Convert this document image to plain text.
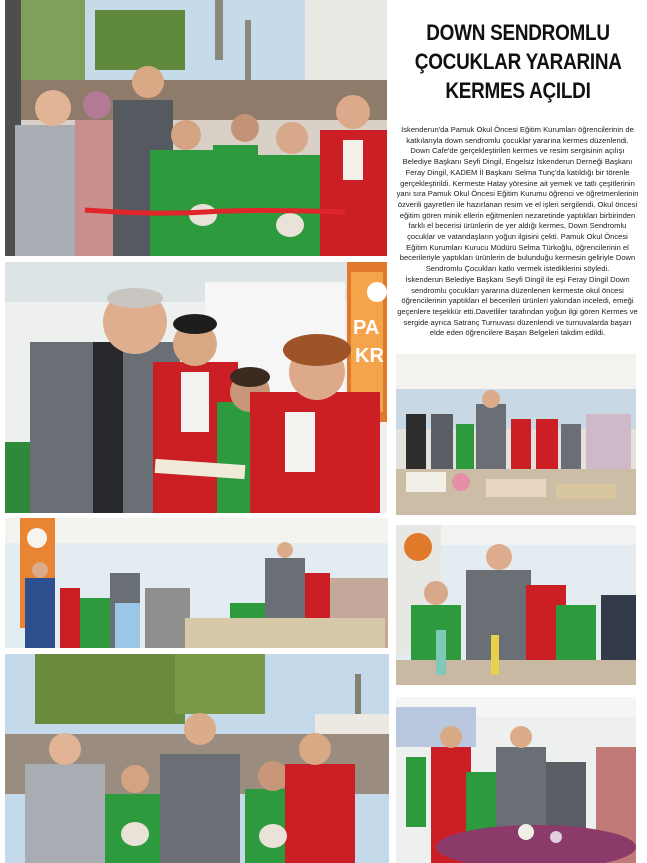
DOWN SENDROMLU
ÇOCUKLAR YARARINA
KERMES AÇILDI

İskenderun'da Pamuk Okul Öncesi Eğitim Kurumları öğrencilerinin de katkılarıyla down sendromlu çocuklar yararına kermes düzenlendi. Down Cafe'de gerçekleştirilen kermes ve resim sergisinin açılışı Belediye Başkanı Seyfi Dingil, Engelsiz İskenderun Derneği Başkanı Feray Dingil, KADEM İl Başkanı Selma Tunç'da katıldığı bir törenle gerçekleştirildi. Kermeste Hatay yöresine ait yemek ve tatlı çeşitlerinin yanı sıra Pamuk Okul Öncesi Eğitim Kurumu öğrenci ve öğretmenlerinin özverili gayretleri ile hazırlanan resim ve el işleri sergilendi. Okul öncesi eğitim gören minik ellerin eğitmenleri nezaretinde yaptıkları birbirinden farklı el becerisi ürünlerin de yer aldığı kermes, Down Sendromlu çocuklar ve vatandaşların yoğun ilgisini çekti. Pamuk Okul Öncesi Eğitim Kurumları Kurucu Müdürü Selma Türkoğlu, öğrencilerinin el becerileriyle yaptıkları ürünlerin de bulunduğu kermesin geliriyle Down Sendromlu Çocukları katkı vermek istediklerini söyledi.

İskenderun Belediye Başkanı Seyfi Dingil ile eşi Feray Dingil Down sendromlu çocukları yararına düzenlenen kermeste okul öncesi öğrencilerinin yaptıkları el becerileri ürünleri yakından inceledi, emeği geçenlere teşekkür etti.Davetliler tarafından yoğun ilgi gören Kermes ve sergide ayrıca Satranç Turnuvası düzenlendi ve turnuvalarda başarı elde eden öğrencilere Başarı Belgeleri takdim edildi.

PA
KR
